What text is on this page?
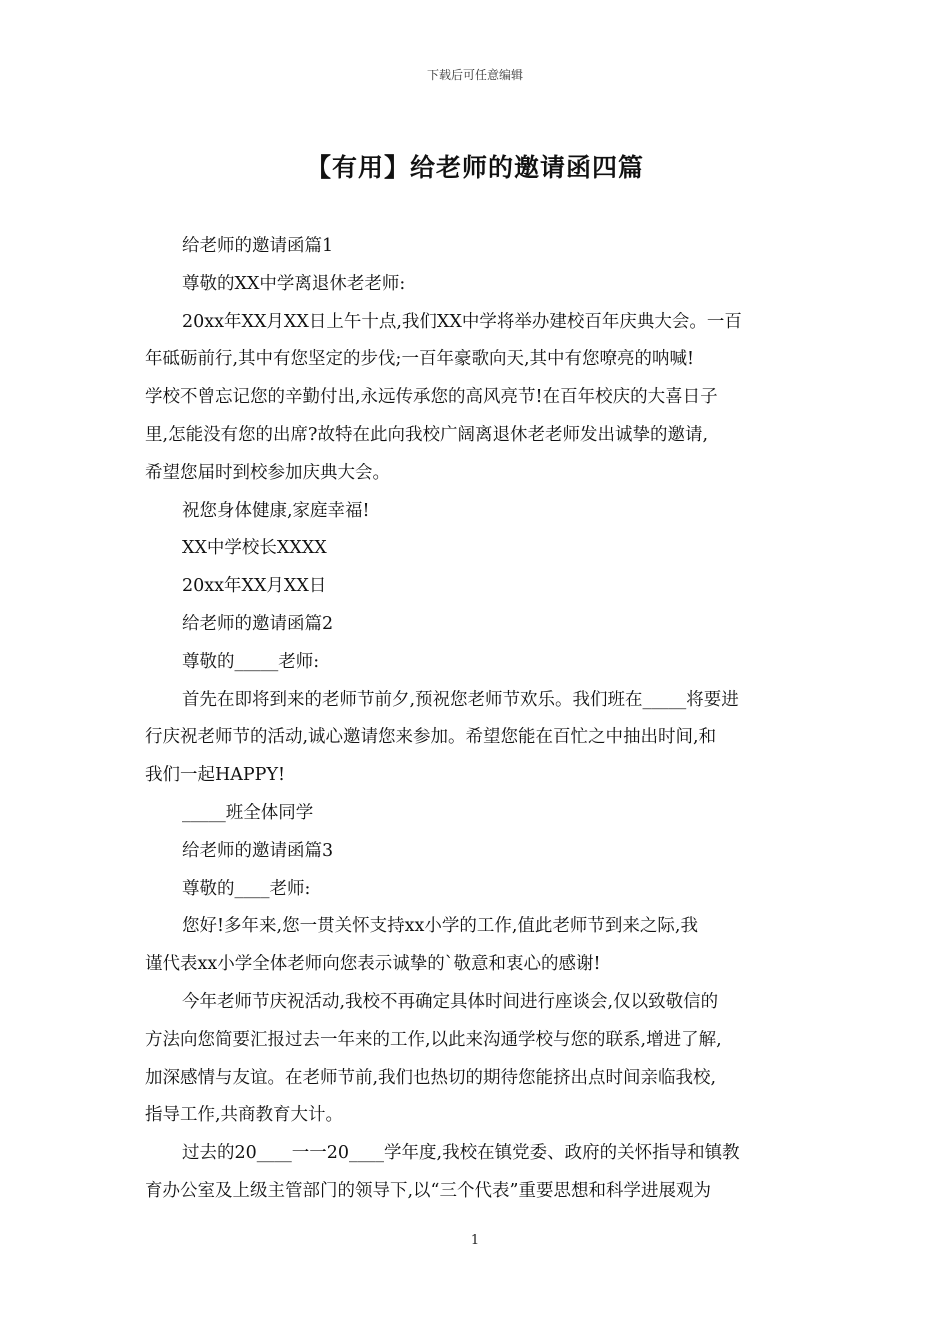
下载后可任意编辑
【有用】给老师的邀请函四篇
给老师的邀请函篇1
尊敬的XX中学离退休老老师:
20xx年XX月XX日上午十点,我们XX中学将举办建校百年庆典大会。一百
年砥砺前行,其中有您坚定的步伐;一百年豪歌向天,其中有您嘹亮的呐喊!
学校不曾忘记您的辛勤付出,永远传承您的高风亮节!在百年校庆的大喜日子
里,怎能没有您的出席?故特在此向我校广阔离退休老老师发出诚挚的邀请,
希望您届时到校参加庆典大会。
祝您身体健康,家庭幸福!
XX中学校长XXXX
20xx年XX月XX日
给老师的邀请函篇2
尊敬的_____老师:
首先在即将到来的老师节前夕,预祝您老师节欢乐。我们班在_____将要进
行庆祝老师节的活动,诚心邀请您来参加。希望您能在百忙之中抽出时间,和
我们一起HAPPY!
_____班全体同学
给老师的邀请函篇3
尊敬的____老师:
您好!多年来,您一贯关怀支持xx小学的工作,值此老师节到来之际,我
谨代表xx小学全体老师向您表示诚挚的`敬意和衷心的感谢!
今年老师节庆祝活动,我校不再确定具体时间进行座谈会,仅以致敬信的
方法向您简要汇报过去一年来的工作,以此来沟通学校与您的联系,增进了解,
加深感情与友谊。在老师节前,我们也热切的期待您能挤出点时间亲临我校,
指导工作,共商教育大计。
过去的20____一一20____学年度,我校在镇党委、政府的关怀指导和镇教
育办公室及上级主管部门的领导下,以“三个代表”重要思想和科学进展观为
1
